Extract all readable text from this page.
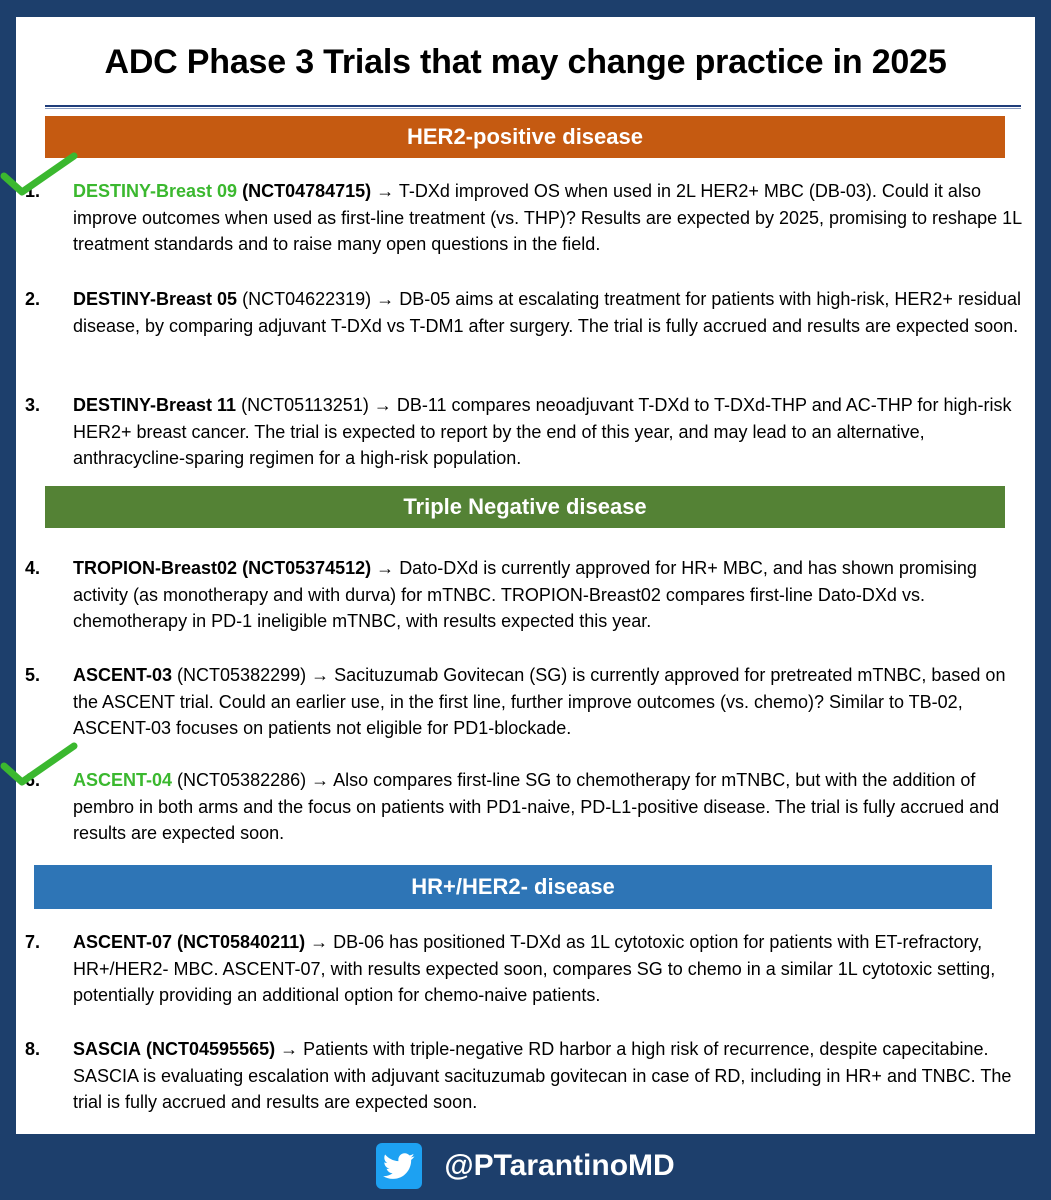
ADC Phase 3 Trials that may change practice in 2025
HER2-positive disease
1.	DESTINY-Breast 09 (NCT04784715) → T-DXd improved OS when used in 2L HER2+ MBC (DB-03). Could it also improve outcomes when used as first-line treatment (vs. THP)? Results are expected by 2025, promising to reshape 1L treatment standards and to raise many open questions in the field.
2.	DESTINY-Breast 05 (NCT04622319) → DB-05 aims at escalating treatment for patients with high-risk, HER2+ residual disease, by comparing adjuvant T-DXd vs T-DM1 after surgery. The trial is fully accrued and results are expected soon.
3.	DESTINY-Breast 11 (NCT05113251) → DB-11 compares neoadjuvant T-DXd to T-DXd-THP and AC-THP for high-risk HER2+ breast cancer. The trial is expected to report by the end of this year, and may lead to an alternative, anthracycline-sparing regimen for a high-risk population.
Triple Negative disease
4.	TROPION-Breast02 (NCT05374512) → Dato-DXd is currently approved for HR+ MBC, and has shown promising activity (as monotherapy and with durva) for mTNBC. TROPION-Breast02 compares first-line Dato-DXd vs. chemotherapy in PD-1 ineligible mTNBC, with results expected this year.
5.	ASCENT-03 (NCT05382299) → Sacituzumab Govitecan (SG) is currently approved for pretreated mTNBC, based on the ASCENT trial. Could an earlier use, in the first line, further improve outcomes (vs. chemo)? Similar to TB-02, ASCENT-03 focuses on patients not eligible for PD1-blockade.
6.	ASCENT-04 (NCT05382286) → Also compares first-line SG to chemotherapy for mTNBC, but with the addition of pembro in both arms and the focus on patients with PD1-naive, PD-L1-positive disease. The trial is fully accrued and results are expected soon.
HR+/HER2- disease
7.	ASCENT-07 (NCT05840211) → DB-06 has positioned T-DXd as 1L cytotoxic option for patients with ET-refractory, HR+/HER2- MBC. ASCENT-07, with results expected soon, compares SG to chemo in a similar 1L cytotoxic setting, potentially providing an additional option for chemo-naive patients.
8.	SASCIA (NCT04595565) → Patients with triple-negative RD harbor a high risk of recurrence, despite capecitabine. SASCIA is evaluating escalation with adjuvant sacituzumab govitecan in case of RD, including in HR+ and TNBC. The trial is fully accrued and results are expected soon.
@PTarantinoMD
